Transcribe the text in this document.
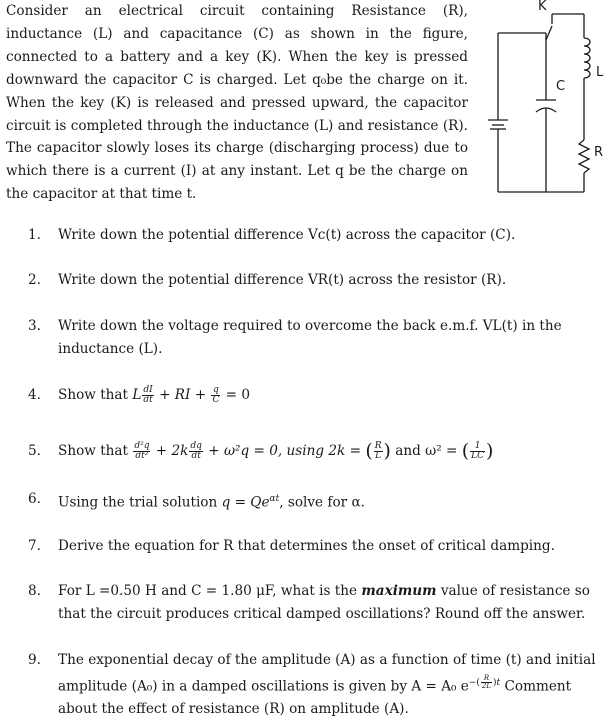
Consider an electrical circuit containing Resistance (R), inductance (L) and capacitance (C) as shown in the figure, connected to a battery and a key (K). When the key is pressed downward the capacitor C is charged. Let q₀be the charge on it. When the key (K) is released and pressed upward, the capacitor circuit is completed through the inductance (L) and resistance (R). The capacitor slowly loses its charge (discharging process) due to which there is a current (I) at any instant. Let q be the charge on the capacitor at that time t.

K
C
L
R
1.	Write down the potential difference Vc(t) across the capacitor (C).
2.	Write down the potential difference VR(t) across the resistor (R).
3.	Write down the voltage required to overcome the back e.m.f. VL(t) in the inductance (L).
4.	Show that L $\frac{dI}{dt}$ + RI + $\frac{q}{C} = 0$
5.	Show that $\frac{\text{d²q}}{\text{dt²}} + 2k \frac{dq}{dt} + \omega^2q = 0$, using 2k = ( $\frac{R}{L}$ ) and ω² = ( $\frac{1}{LC}$ )
6.	Using the trial solution $q = Qe^{\alpha t}$, solve for α.
7.	Derive the equation for R that determines the onset of critical damping.
8.	For L =0.50 H and C = 1.80 μF, what is the maximum value of resistance so that the circuit produces critical damped oscillations? Round off the answer.
9.	The exponential decay of the amplitude (A) as a function of time (t) and initial amplitude (A₀) in a damped oscillations is given by A = A₀ $e^{-( \frac{R}{2L} )t}$ Comment about the effect of resistance (R) on amplitude (A).
